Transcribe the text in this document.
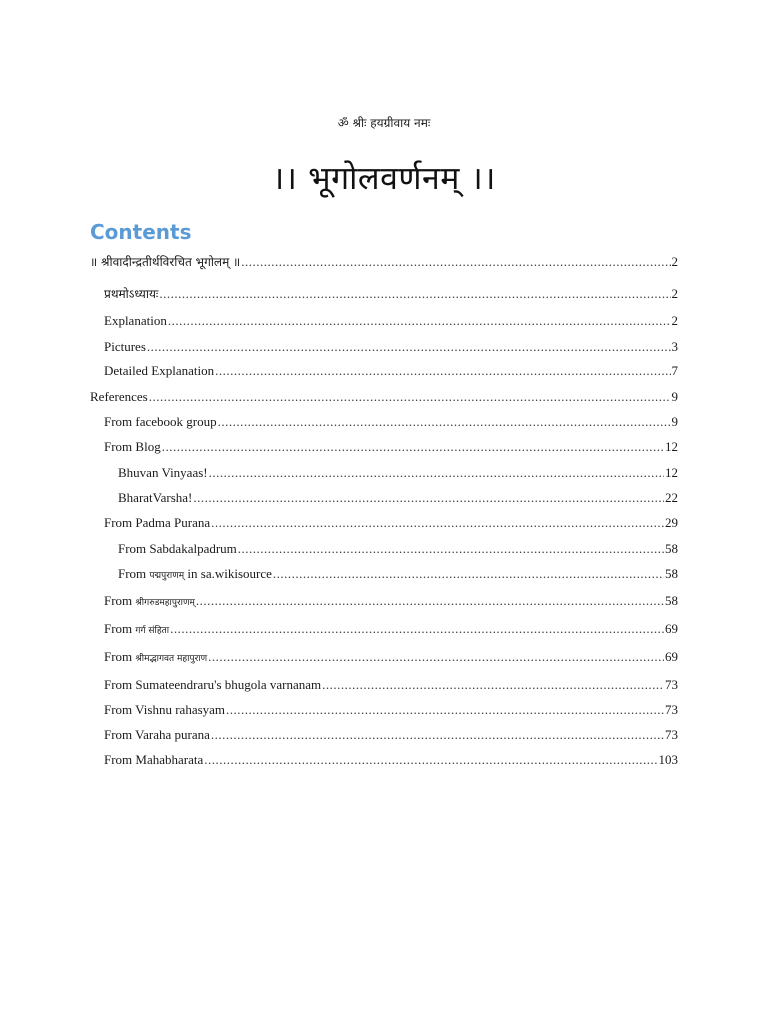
ॐ श्रीः हयग्रीवाय नमः
।। भूगोलवर्णनम् ।।
Contents
॥ श्रीवादीन्द्रतीर्थविरचित भूगोलम् ॥ .....	2
प्रथमोऽध्यायः .....	2
Explanation .....	2
Pictures .....	3
Detailed Explanation .....	7
References .....	9
From facebook group .....	9
From Blog .....	12
Bhuvan Vinyaas! .....	12
BharatVarsha! .....	22
From Padma Purana .....	29
From Sabdakalpadrum .....	58
From पद्मपुराणम् in sa.wikisource .....	58
From श्रीगरुडमहापुराणम् .....	58
From गर्ग संहिता .....	69
From श्रीमद्भागवत महापुराण .....	69
From Sumateendraru's bhugola varnanam .....	73
From Vishnu rahasyam .....	73
From Varaha purana .....	73
From Mahabharata .....	103
